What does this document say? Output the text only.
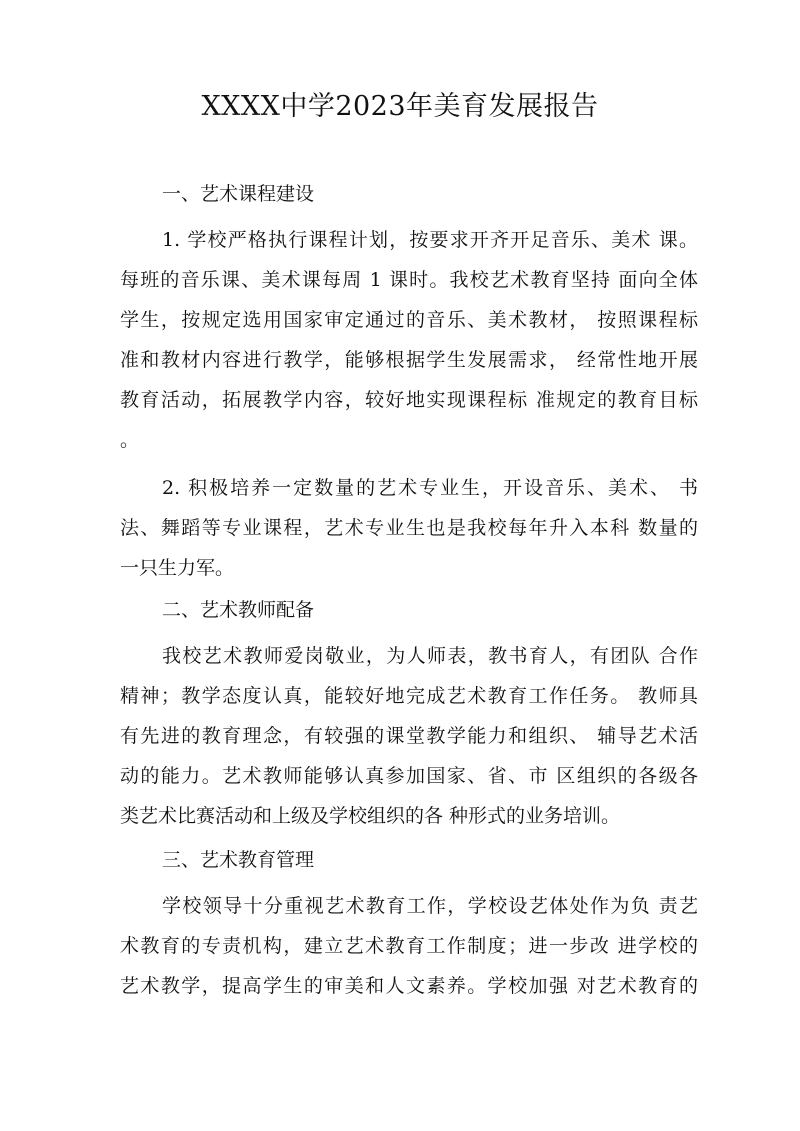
XXXX中学2023年美育发展报告
一、艺术课程建设
1. 学校严格执行课程计划，按要求开齐开足音乐、美术 课。
每班的音乐课、美术课每周 1 课时。我校艺术教育坚持 面向全体
学生，按规定选用国家审定通过的音乐、美术教材， 按照课程标
准和教材内容进行教学，能够根据学生发展需求， 经常性地开展
教育活动，拓展教学内容，较好地实现课程标 准规定的教育目标
。
2. 积极培养一定数量的艺术专业生，开设音乐、美术、 书
法、舞蹈等专业课程，艺术专业生也是我校每年升入本科 数量的
一只生力军。
二、艺术教师配备
我校艺术教师爱岗敬业，为人师表，教书育人，有团队 合作
精神；教学态度认真，能较好地完成艺术教育工作任务。 教师具
有先进的教育理念，有较强的课堂教学能力和组织、 辅导艺术活
动的能力。艺术教师能够认真参加国家、省、市 区组织的各级各
类艺术比赛活动和上级及学校组织的各 种形式的业务培训。
三、艺术教育管理
学校领导十分重视艺术教育工作，学校设艺体处作为负 责艺
术教育的专责机构，建立艺术教育工作制度；进一步改 进学校的
艺术教学，提高学生的审美和人文素养。学校加强 对艺术教育的
